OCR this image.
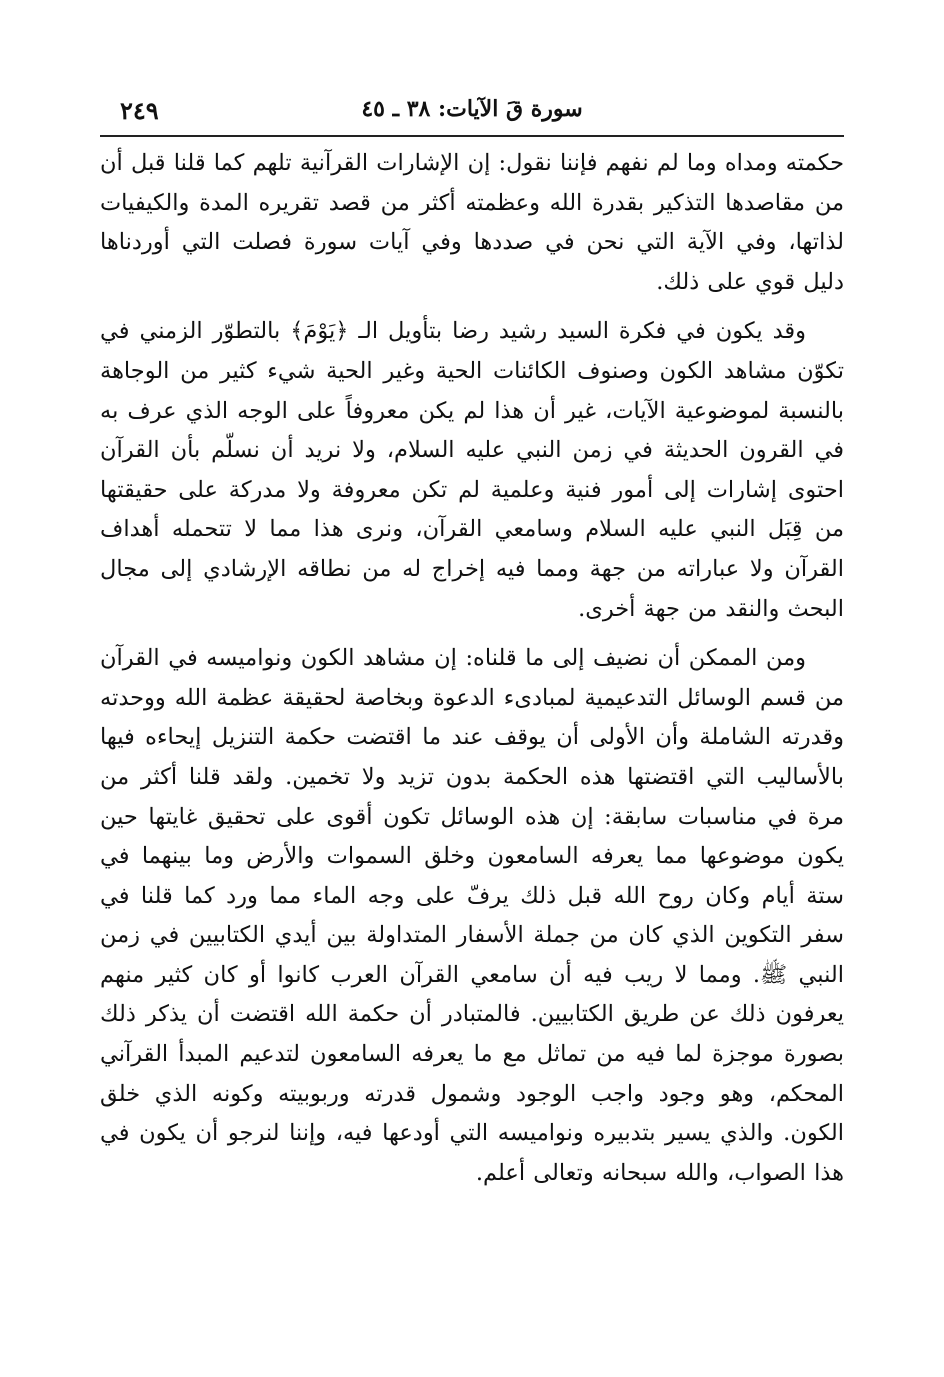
سورة قَ الآيات: ٣٨ ـ ٤٥
٢٤٩

حكمته ومداه وما لم نفهم فإننا نقول: إن الإشارات القرآنية تلهم كما قلنا قبل أن من مقاصدها التذكير بقدرة الله وعظمته أكثر من قصد تقريره المدة والكيفيات لذاتها، وفي الآية التي نحن في صددها وفي آيات سورة فصلت التي أوردناها دليل قوي على ذلك.

وقد يكون في فكرة السيد رشيد رضا بتأويل الـ ﴿يَوْمَ﴾ بالتطوّر الزمني في تكوّن مشاهد الكون وصنوف الكائنات الحية وغير الحية شيء كثير من الوجاهة بالنسبة لموضوعية الآيات، غير أن هذا لم يكن معروفاً على الوجه الذي عرف به في القرون الحديثة في زمن النبي عليه السلام، ولا نريد أن نسلّم بأن القرآن احتوى إشارات إلى أمور فنية وعلمية لم تكن معروفة ولا مدركة على حقيقتها من قِبَل النبي عليه السلام وسامعي القرآن، ونرى هذا مما لا تتحمله أهداف القرآن ولا عباراته من جهة ومما فيه إخراج له من نطاقه الإرشادي إلى مجال البحث والنقد من جهة أخرى.

ومن الممكن أن نضيف إلى ما قلناه: إن مشاهد الكون ونواميسه في القرآن من قسم الوسائل التدعيمية لمبادىء الدعوة وبخاصة لحقيقة عظمة الله ووحدته وقدرته الشاملة وأن الأولى أن يوقف عند ما اقتضت حكمة التنزيل إيحاءه فيها بالأساليب التي اقتضتها هذه الحكمة بدون تزيد ولا تخمين. ولقد قلنا أكثر من مرة في مناسبات سابقة: إن هذه الوسائل تكون أقوى على تحقيق غايتها حين يكون موضوعها مما يعرفه السامعون وخلق السموات والأرض وما بينهما في ستة أيام وكان روح الله قبل ذلك يرفّ على وجه الماء مما ورد كما قلنا في سفر التكوين الذي كان من جملة الأسفار المتداولة بين أيدي الكتابيين في زمن النبي ﷺ. ومما لا ريب فيه أن سامعي القرآن العرب كانوا أو كان كثير منهم يعرفون ذلك عن طريق الكتابيين. فالمتبادر أن حكمة الله اقتضت أن يذكر ذلك بصورة موجزة لما فيه من تماثل مع ما يعرفه السامعون لتدعيم المبدأ القرآني المحكم، وهو وجود واجب الوجود وشمول قدرته وربوبيته وكونه الذي خلق الكون. والذي يسير بتدبيره ونواميسه التي أودعها فيه، وإننا لنرجو أن يكون في هذا الصواب، والله سبحانه وتعالى أعلم.
